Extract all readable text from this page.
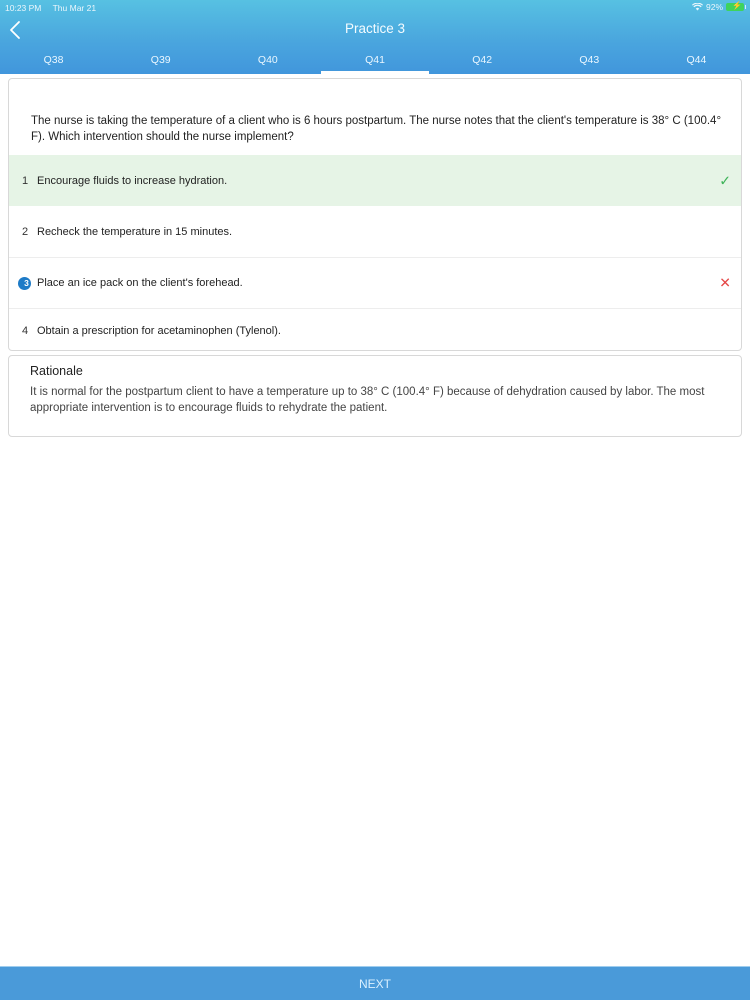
10:23 PM Thu Mar 21	92% ⚡
Practice 3
Q38	Q39	Q40	Q41	Q42	Q43	Q44
The nurse is taking the temperature of a client who is 6 hours postpartum. The nurse notes that the client's temperature is 38° C (100.4° F). Which intervention should the nurse implement?
1 Encourage fluids to increase hydration.	✓
2 Recheck the temperature in 15 minutes.
3 Place an ice pack on the client's forehead.	✕
4 Obtain a prescription for acetaminophen (Tylenol).
Rationale
It is normal for the postpartum client to have a temperature up to 38° C (100.4° F) because of dehydration caused by labor. The most appropriate intervention is to encourage fluids to rehydrate the patient.
NEXT
